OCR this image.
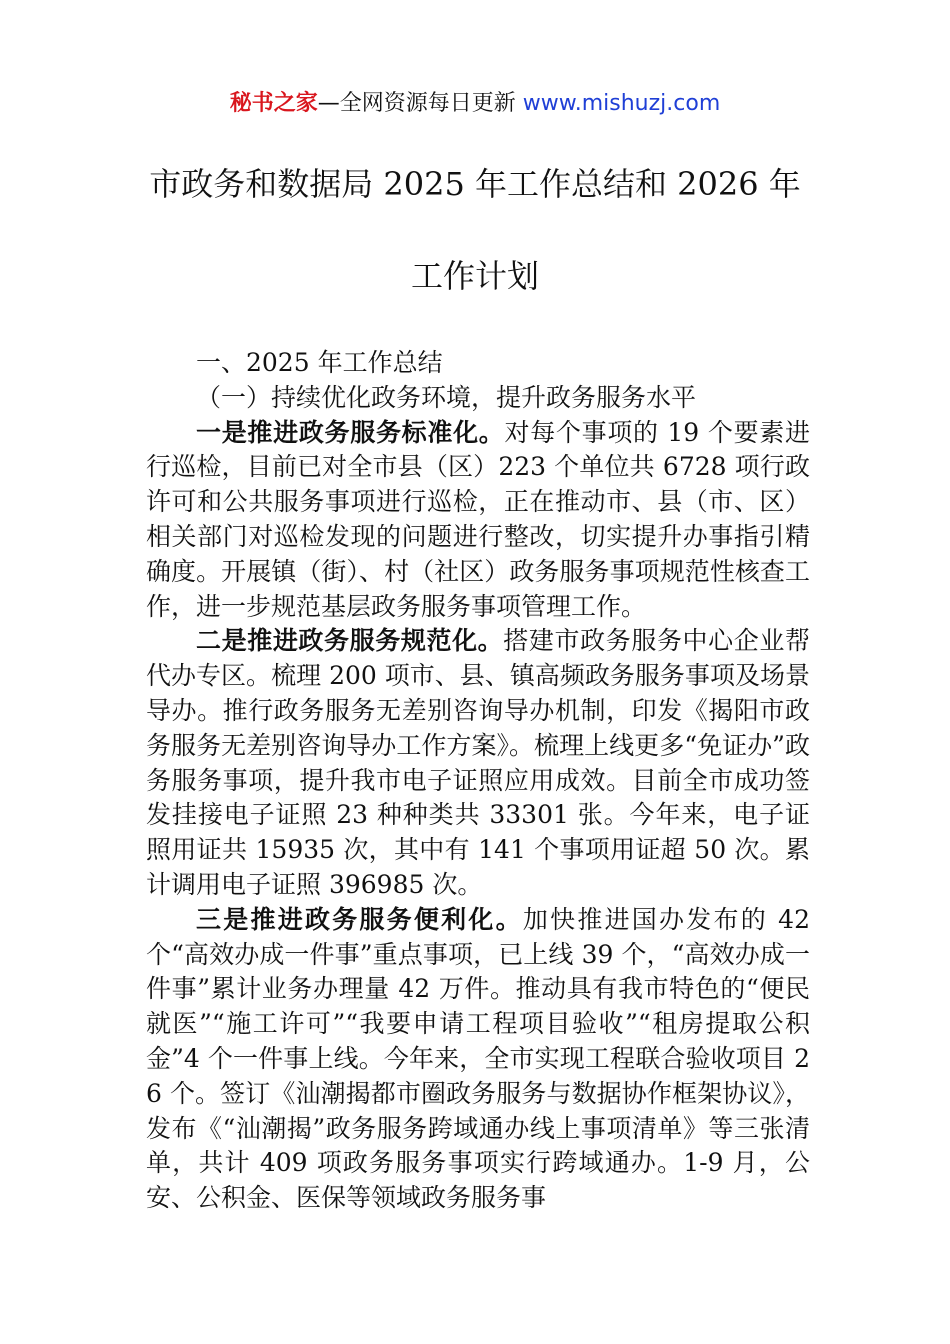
秘书之家—全网资源每日更新 www.mishuzj.com
市政务和数据局 2025 年工作总结和 2026 年
工作计划

一、2025 年工作总结

（一）持续优化政务环境，提升政务服务水平

一是推进政务服务标准化。对每个事项的 19 个要素进行巡检，目前已对全市县（区）223 个单位共 6728 项行政许可和公共服务事项进行巡检，正在推动市、县（市、区）相关部门对巡检发现的问题进行整改，切实提升办事指引精确度。开展镇（街）、村（社区）政务服务事项规范性核查工作，进一步规范基层政务服务事项管理工作。

二是推进政务服务规范化。搭建市政务服务中心企业帮代办专区。梳理 200 项市、县、镇高频政务服务事项及场景导办。推行政务服务无差别咨询导办机制，印发《揭阳市政务服务无差别咨询导办工作方案》。梳理上线更多“免证办”政务服务事项，提升我市电子证照应用成效。目前全市成功签发挂接电子证照 23 种种类共 33301 张。今年来，电子证照用证共 15935 次，其中有 141 个事项用证超 50 次。累计调用电子证照 396985 次。

三是推进政务服务便利化。加快推进国办发布的 42 个“高效办成一件事”重点事项，已上线 39 个，“高效办成一件事”累计业务办理量 42 万件。推动具有我市特色的“便民就医”“施工许可”“我要申请工程项目验收”“租房提取公积金”4 个一件事上线。今年来，全市实现工程联合验收项目 26 个。签订《汕潮揭都市圈政务服务与数据协作框架协议》，发布《“汕潮揭”政务服务跨域通办线上事项清单》等三张清单，共计 409 项政务服务事项实行跨域通办。1-9 月，公安、公积金、医保等领域政务服务事
